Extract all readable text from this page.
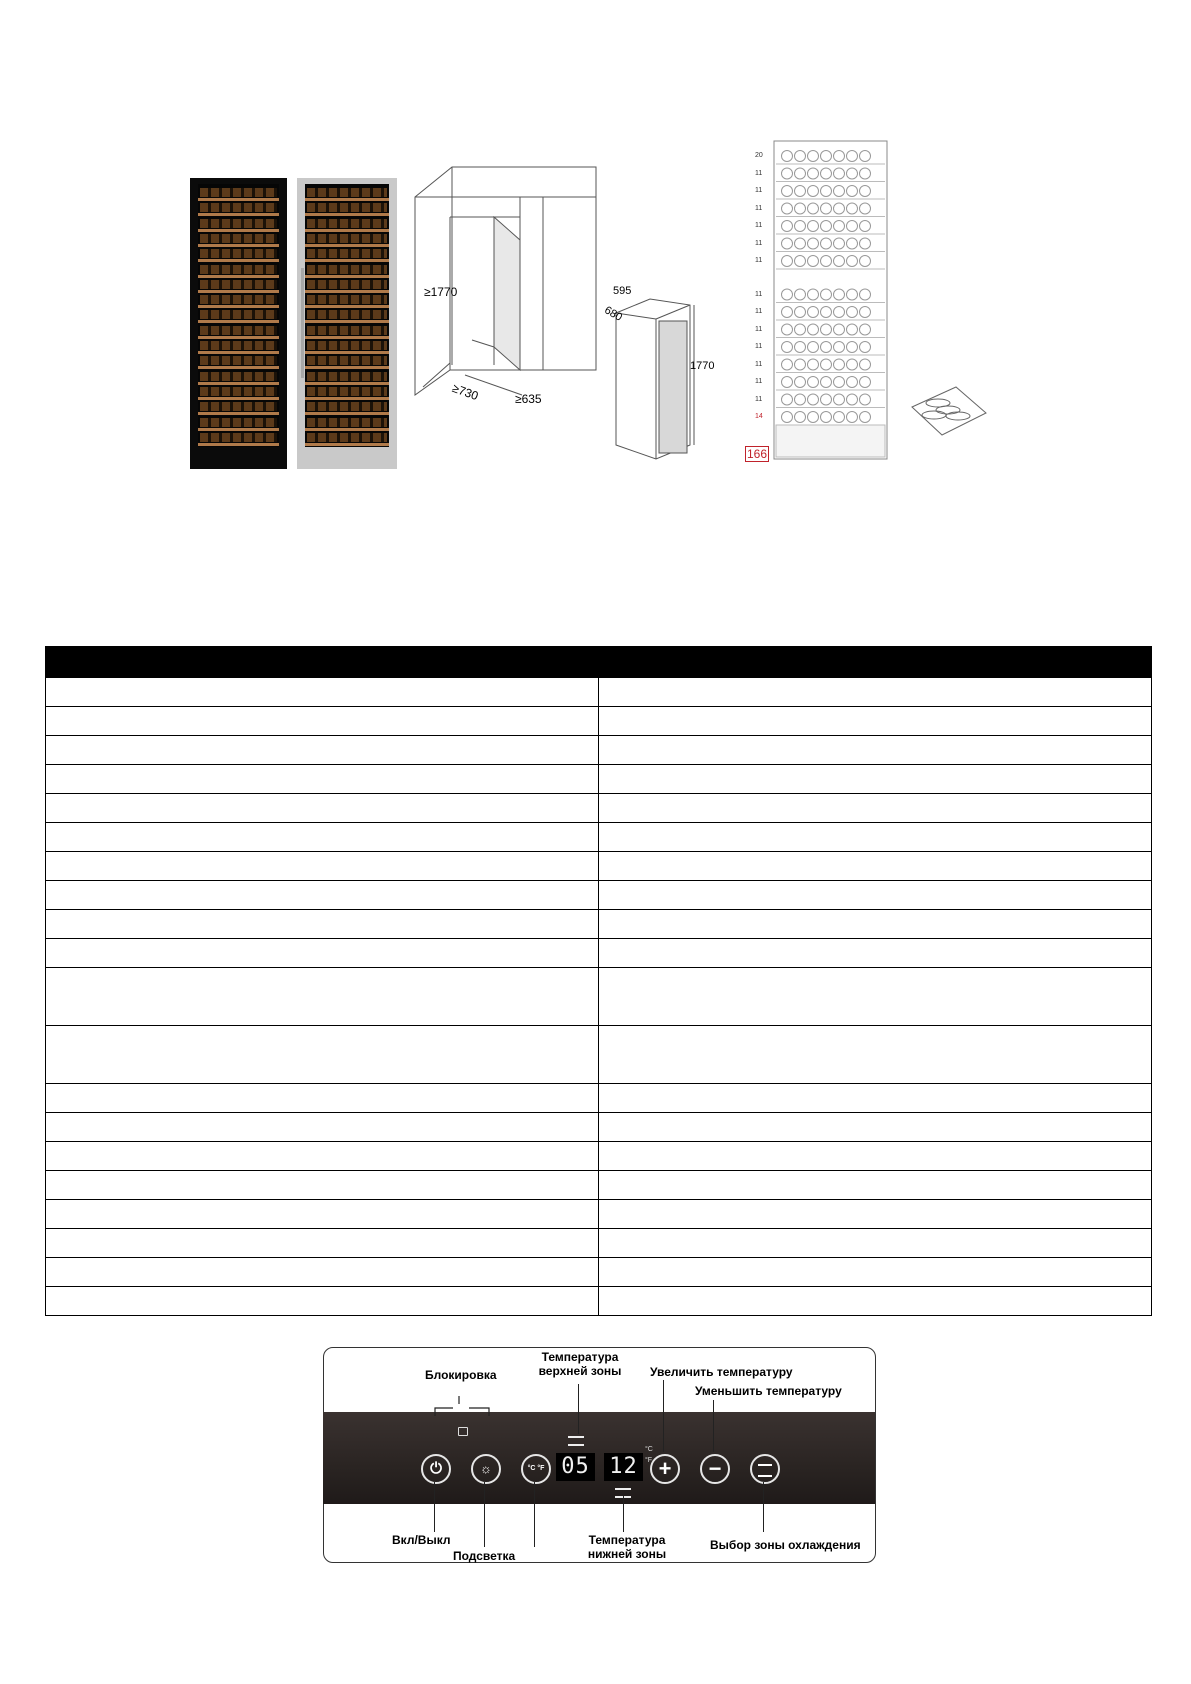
≥1770
≥730	≥635
595
680
1770
20
11
11
11
11
11
11
11
11
11
11
11
11
11
14
166

Блокировка
Температура
верхней зоны	Увеличить температуру
Уменьшить температуру
⏻	☼	°C °F 05 12
°C
°F +	−
Вкл/Выкл
Подсветка
Температура
нижней зоны
Выбор зоны охлаждения
